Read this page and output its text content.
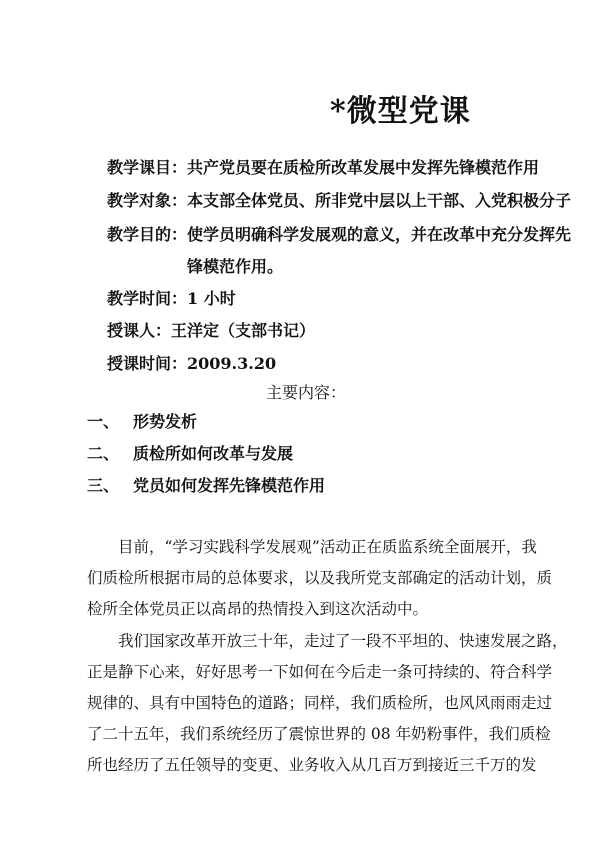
*微型党课
教学课目：共产党员要在质检所改革发展中发挥先锋模范作用
教学对象：本支部全体党员、所非党中层以上干部、入党积极分子
教学目的：使学员明确科学发展观的意义，并在改革中充分发挥先
锋模范作用。
教学时间：1 小时
授课人：王洋定（支部书记）
授课时间：2009.3.20
主要内容：
一、 形势发析
二、 质检所如何改革与发展
三、 党员如何发挥先锋模范作用
目前，“学习实践科学发展观”活动正在质监系统全面展开，我
们质检所根据市局的总体要求，以及我所党支部确定的活动计划，质
检所全体党员正以高昂的热情投入到这次活动中。
我们国家改革开放三十年，走过了一段不平坦的、快速发展之路，
正是静下心来，好好思考一下如何在今后走一条可持续的、符合科学
规律的、具有中国特色的道路；同样，我们质检所，也风风雨雨走过
了二十五年，我们系统经历了震惊世界的 08 年奶粉事件，我们质检
所也经历了五任领导的变更、业务收入从几百万到接近三千万的发
